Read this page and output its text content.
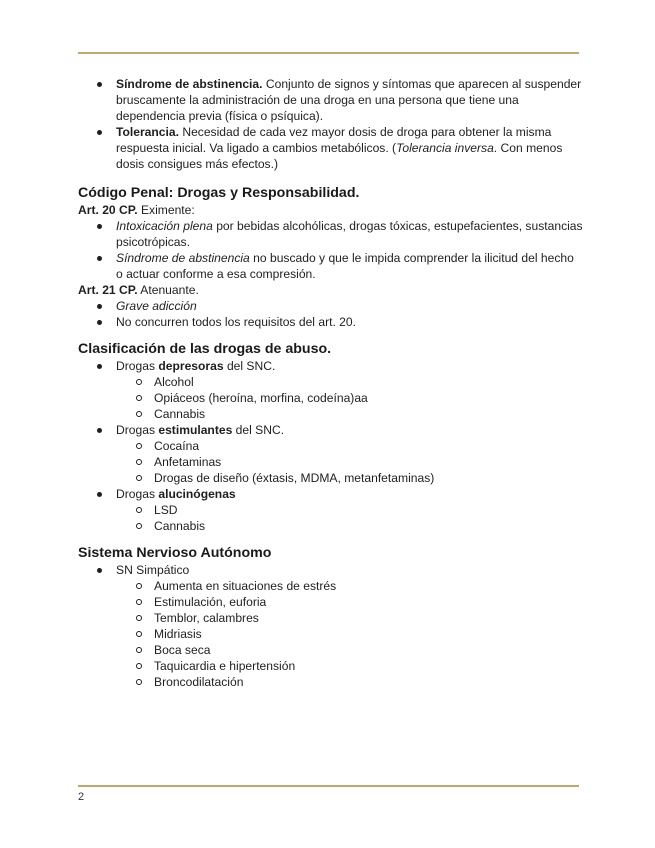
Síndrome de abstinencia. Conjunto de signos y síntomas que aparecen al suspender bruscamente la administración de una droga en una persona que tiene una dependencia previa (física o psíquica).
Tolerancia. Necesidad de cada vez mayor dosis de droga para obtener la misma respuesta inicial. Va ligado a cambios metabólicos. (Tolerancia inversa. Con menos dosis consigues más efectos.)
Código Penal: Drogas y Responsabilidad.

Art. 20 CP. Eximente:

Intoxicación plena por bebidas alcohólicas, drogas tóxicas, estupefacientes, sustancias psicotrópicas.
Síndrome de abstinencia no buscado y que le impida comprender la ilicitud del hecho o actuar conforme a esa compresión.

Art. 21 CP. Atenuante.

Grave adicción
No concurren todos los requisitos del art. 20.
Clasificación de las drogas de abuso.
Drogas depresoras del SNC.
Alcohol
Opiáceos (heroína, morfina, codeína)aa
Cannabis
Drogas estimulantes del SNC.
Cocaína
Anfetaminas
Drogas de diseño (éxtasis, MDMA, metanfetaminas)
Drogas alucinógenas
LSD
Cannabis
Sistema Nervioso Autónomo
SN Simpático
Aumenta en situaciones de estrés
Estimulación, euforia
Temblor, calambres
Midriasis
Boca seca
Taquicardia e hipertensión
Broncodilatación
2
